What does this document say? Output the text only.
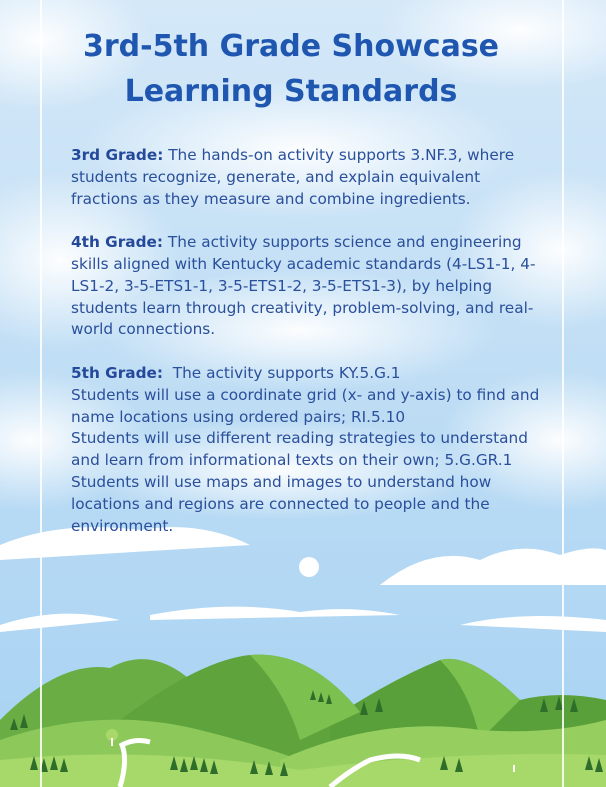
3rd-5th Grade Showcase
Learning Standards

3rd Grade: The hands-on activity supports 3.NF.3, where students recognize, generate, and explain equivalent fractions as they measure and combine ingredients.

4th Grade: The activity supports science and engineering skills aligned with Kentucky academic standards (4-LS1-1, 4-LS1-2, 3-5-ETS1-1, 3-5-ETS1-2, 3-5-ETS1-3), by helping students learn through creativity, problem-solving, and real-world connections.

5th Grade:  The activity supports KY.5.G.1
Students will use a coordinate grid (x- and y-axis) to find and name locations using ordered pairs; RI.5.10
Students will use different reading strategies to understand and learn from informational texts on their own; 5.G.GR.1 Students will use maps and images to understand how locations and regions are connected to people and the environment.
